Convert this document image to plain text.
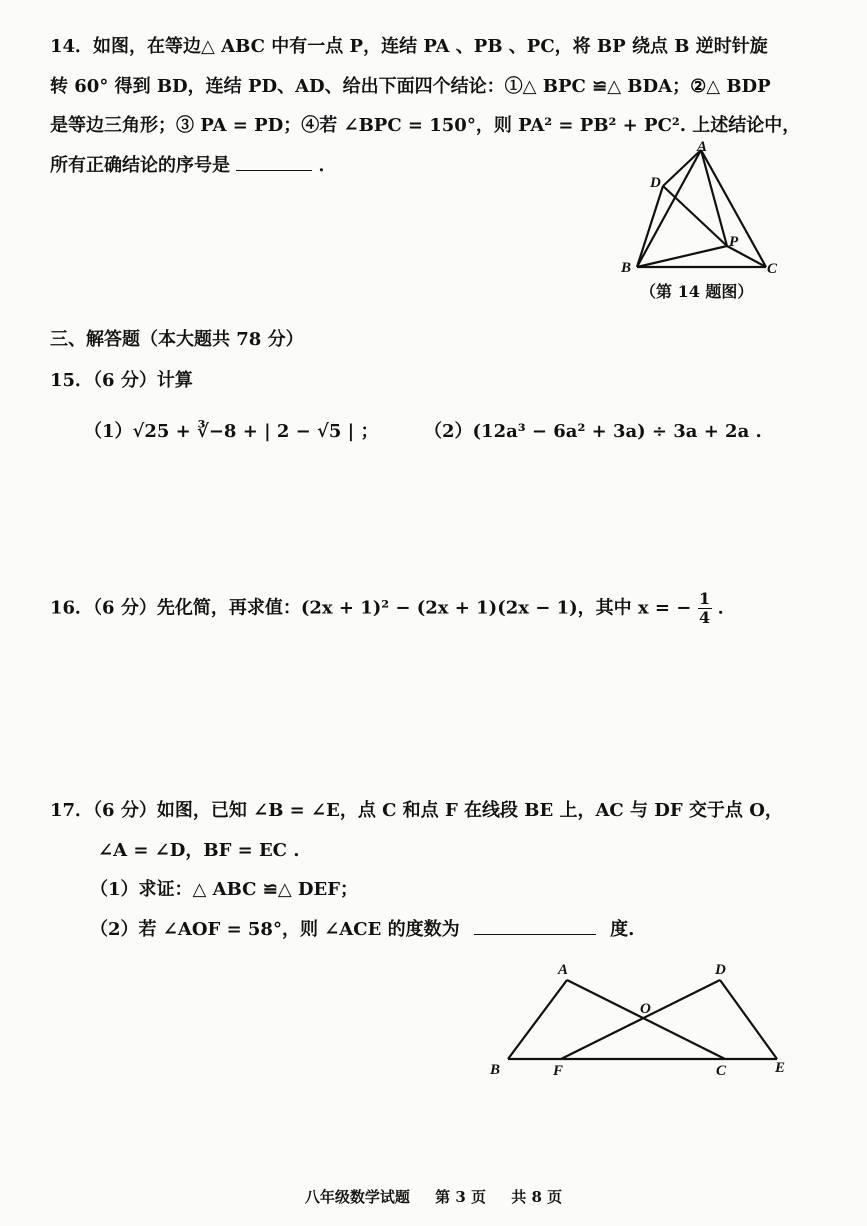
14．如图，在等边△ ABC 中有一点 P，连结 PA 、PB 、PC，将 BP 绕点 B 逆时针旋
转 60° 得到 BD，连结 PD、AD、给出下面四个结论：①△ BPC ≌△ BDA；②△ BDP
是等边三角形；③ PA = PD；④若 ∠BPC = 150°，则 PA² = PB² + PC². 上述结论中，
所有正确结论的序号是	．
A
D
P
B	C
（第 14 题图）
三、解答题（本大题共 78 分）
15．（6 分）计算
（1）√25 + ∛−8 + | 2 − √5 | ；	（2）(12a³ − 6a² + 3a) ÷ 3a + 2a .
16．（6 分）先化简，再求值：(2x + 1)² − (2x + 1)(2x − 1)，其中 x = − $\frac{1}{4}$ ．
17．（6 分）如图，已知 ∠B = ∠E，点 C 和点 F 在线段 BE 上，AC 与 DF 交于点 O，
∠A = ∠D，BF = EC .
（1）求证：△ ABC ≌△ DEF；
（2）若 ∠AOF = 58°，则 ∠ACE 的度数为	度.
A	D
O
B	F	C	E
八年级数学试题 第 3 页 共 8 页
